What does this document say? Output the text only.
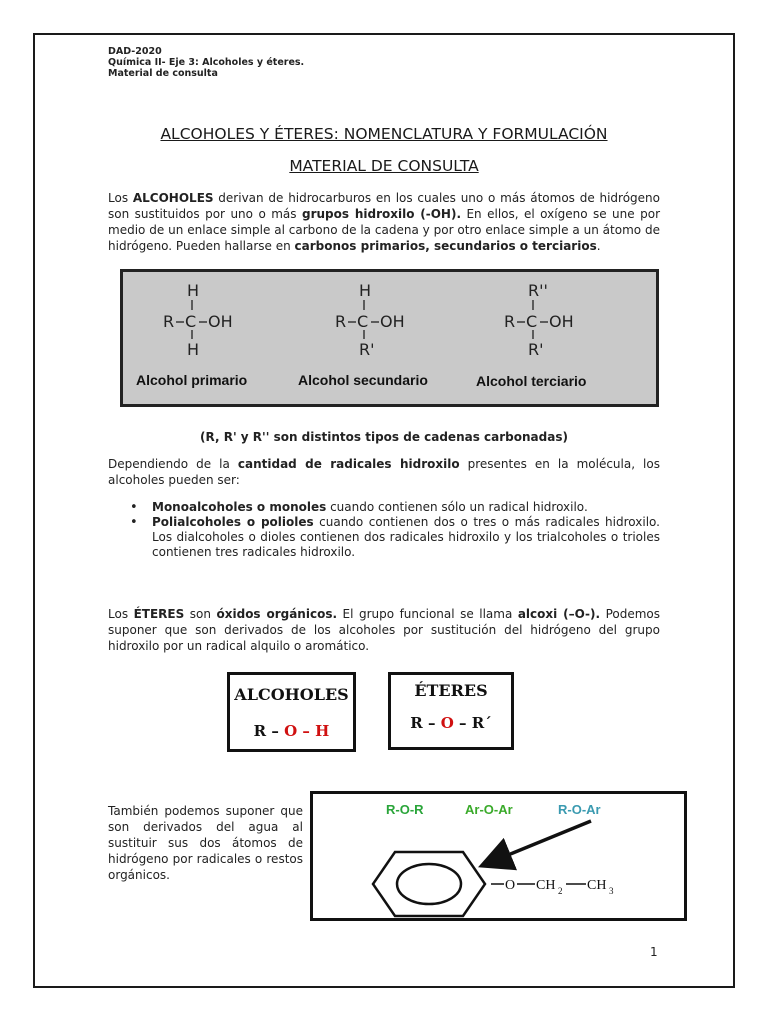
DAD-2020
Química II- Eje 3: Alcoholes y éteres.
Material de consulta
ALCOHOLES Y ÉTERES: NOMENCLATURA Y FORMULACIÓN
MATERIAL DE CONSULTA
Los ALCOHOLES derivan de hidrocarburos en los cuales uno o más átomos de hidrógeno son sustituidos por uno o más grupos hidroxilo (-OH). En ellos, el oxígeno se une por medio de un enlace simple al carbono de la cadena y por otro enlace simple a un átomo de hidrógeno. Pueden hallarse en carbonos primarios, secundarios o terciarios.
H
R C OH
H
H
R C OH
R'
R''
R C OH
R'
Alcohol primario	Alcohol secundario	Alcohol terciario
(R, R' y R'' son distintos tipos de cadenas carbonadas)
Dependiendo de la cantidad de radicales hidroxilo presentes en la molécula, los alcoholes pueden ser:
• Monoalcoholes o monoles cuando contienen sólo un radical hidroxilo.
• Polialcoholes o polioles cuando contienen dos o tres o más radicales hidroxilo. Los dialcoholes o dioles contienen dos radicales hidroxilo y los trialcoholes o trioles contienen tres radicales hidroxilo.
Los ÉTERES son óxidos orgánicos. El grupo funcional se llama alcoxi (–O-). Podemos suponer que son derivados de los alcoholes por sustitución del hidrógeno del grupo hidroxilo por un radical alquilo o aromático.
ALCOHOLES
R – O – H
ÉTERES
R – O – R´
También podemos suponer que son derivados del agua al sustituir sus dos átomos de hidrógeno por radicales o restos orgánicos.
R-O-R	Ar-O-Ar	R-O-Ar
O CH 2 CH 3
1
